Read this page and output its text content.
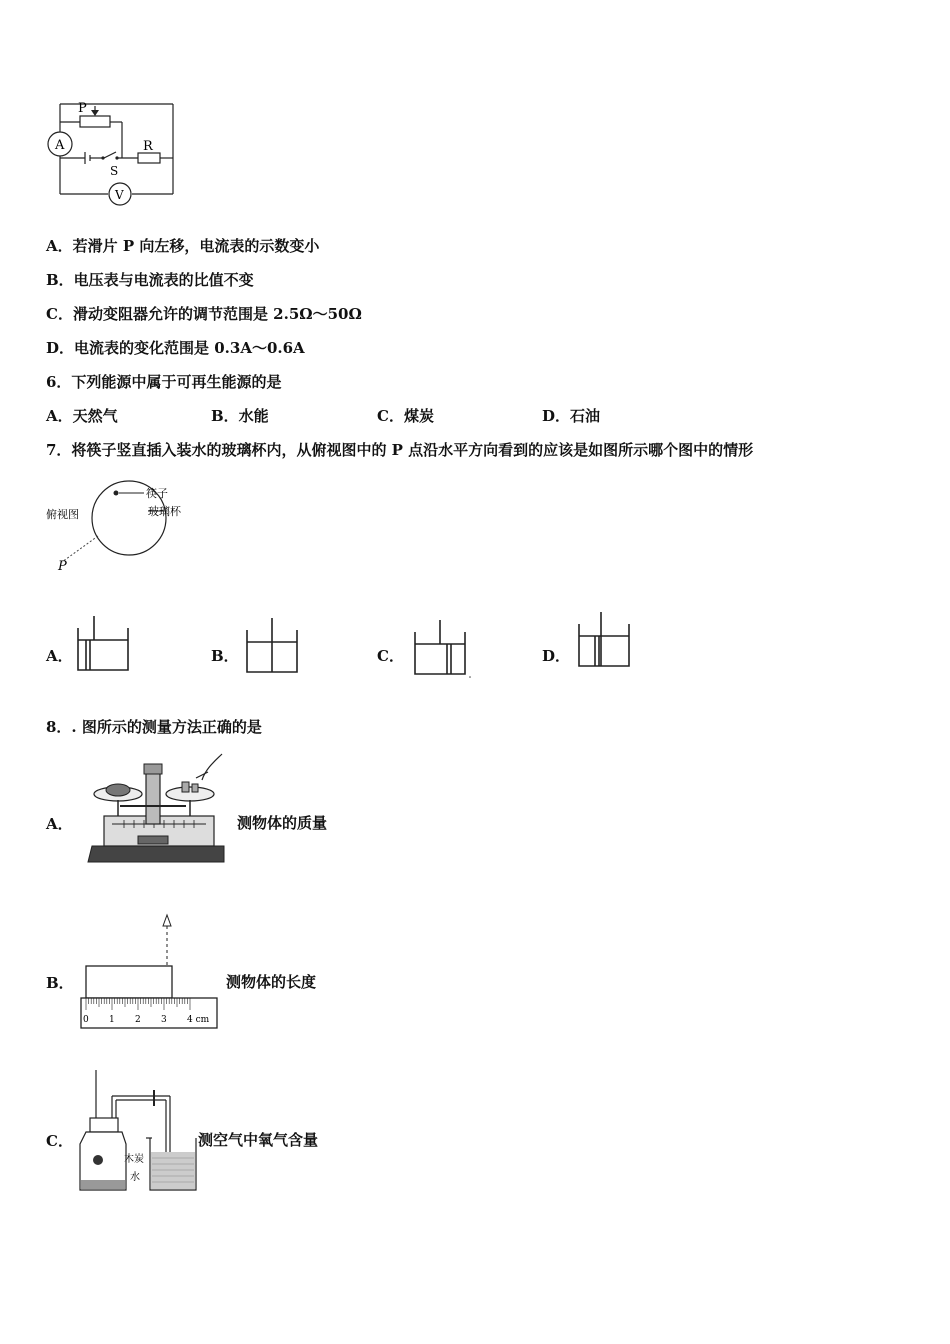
P
A
S
R
V
A．若滑片 P 向左移，电流表的示数变小
B．电压表与电流表的比值不变
C．滑动变阻器允许的调节范围是 2.5Ω～50Ω
D．电流表的变化范围是 0.3A～0.6A
6．下列能源中属于可再生能源的是
A．天然气	B．水能	C．煤炭	D．石油
7．将筷子竖直插入装水的玻璃杯内，从俯视图中的 P 点沿水平方向看到的应该是如图所示哪个图中的情形
筷子
玻璃杯
俯视图
P
A．	B．	C．	D．
8．. 图所示的测量方法正确的是
A．	测物体的质量
B．
0 1 2 3 4 cm
测物体的长度
C．
木炭
水
测空气中氧气含量
